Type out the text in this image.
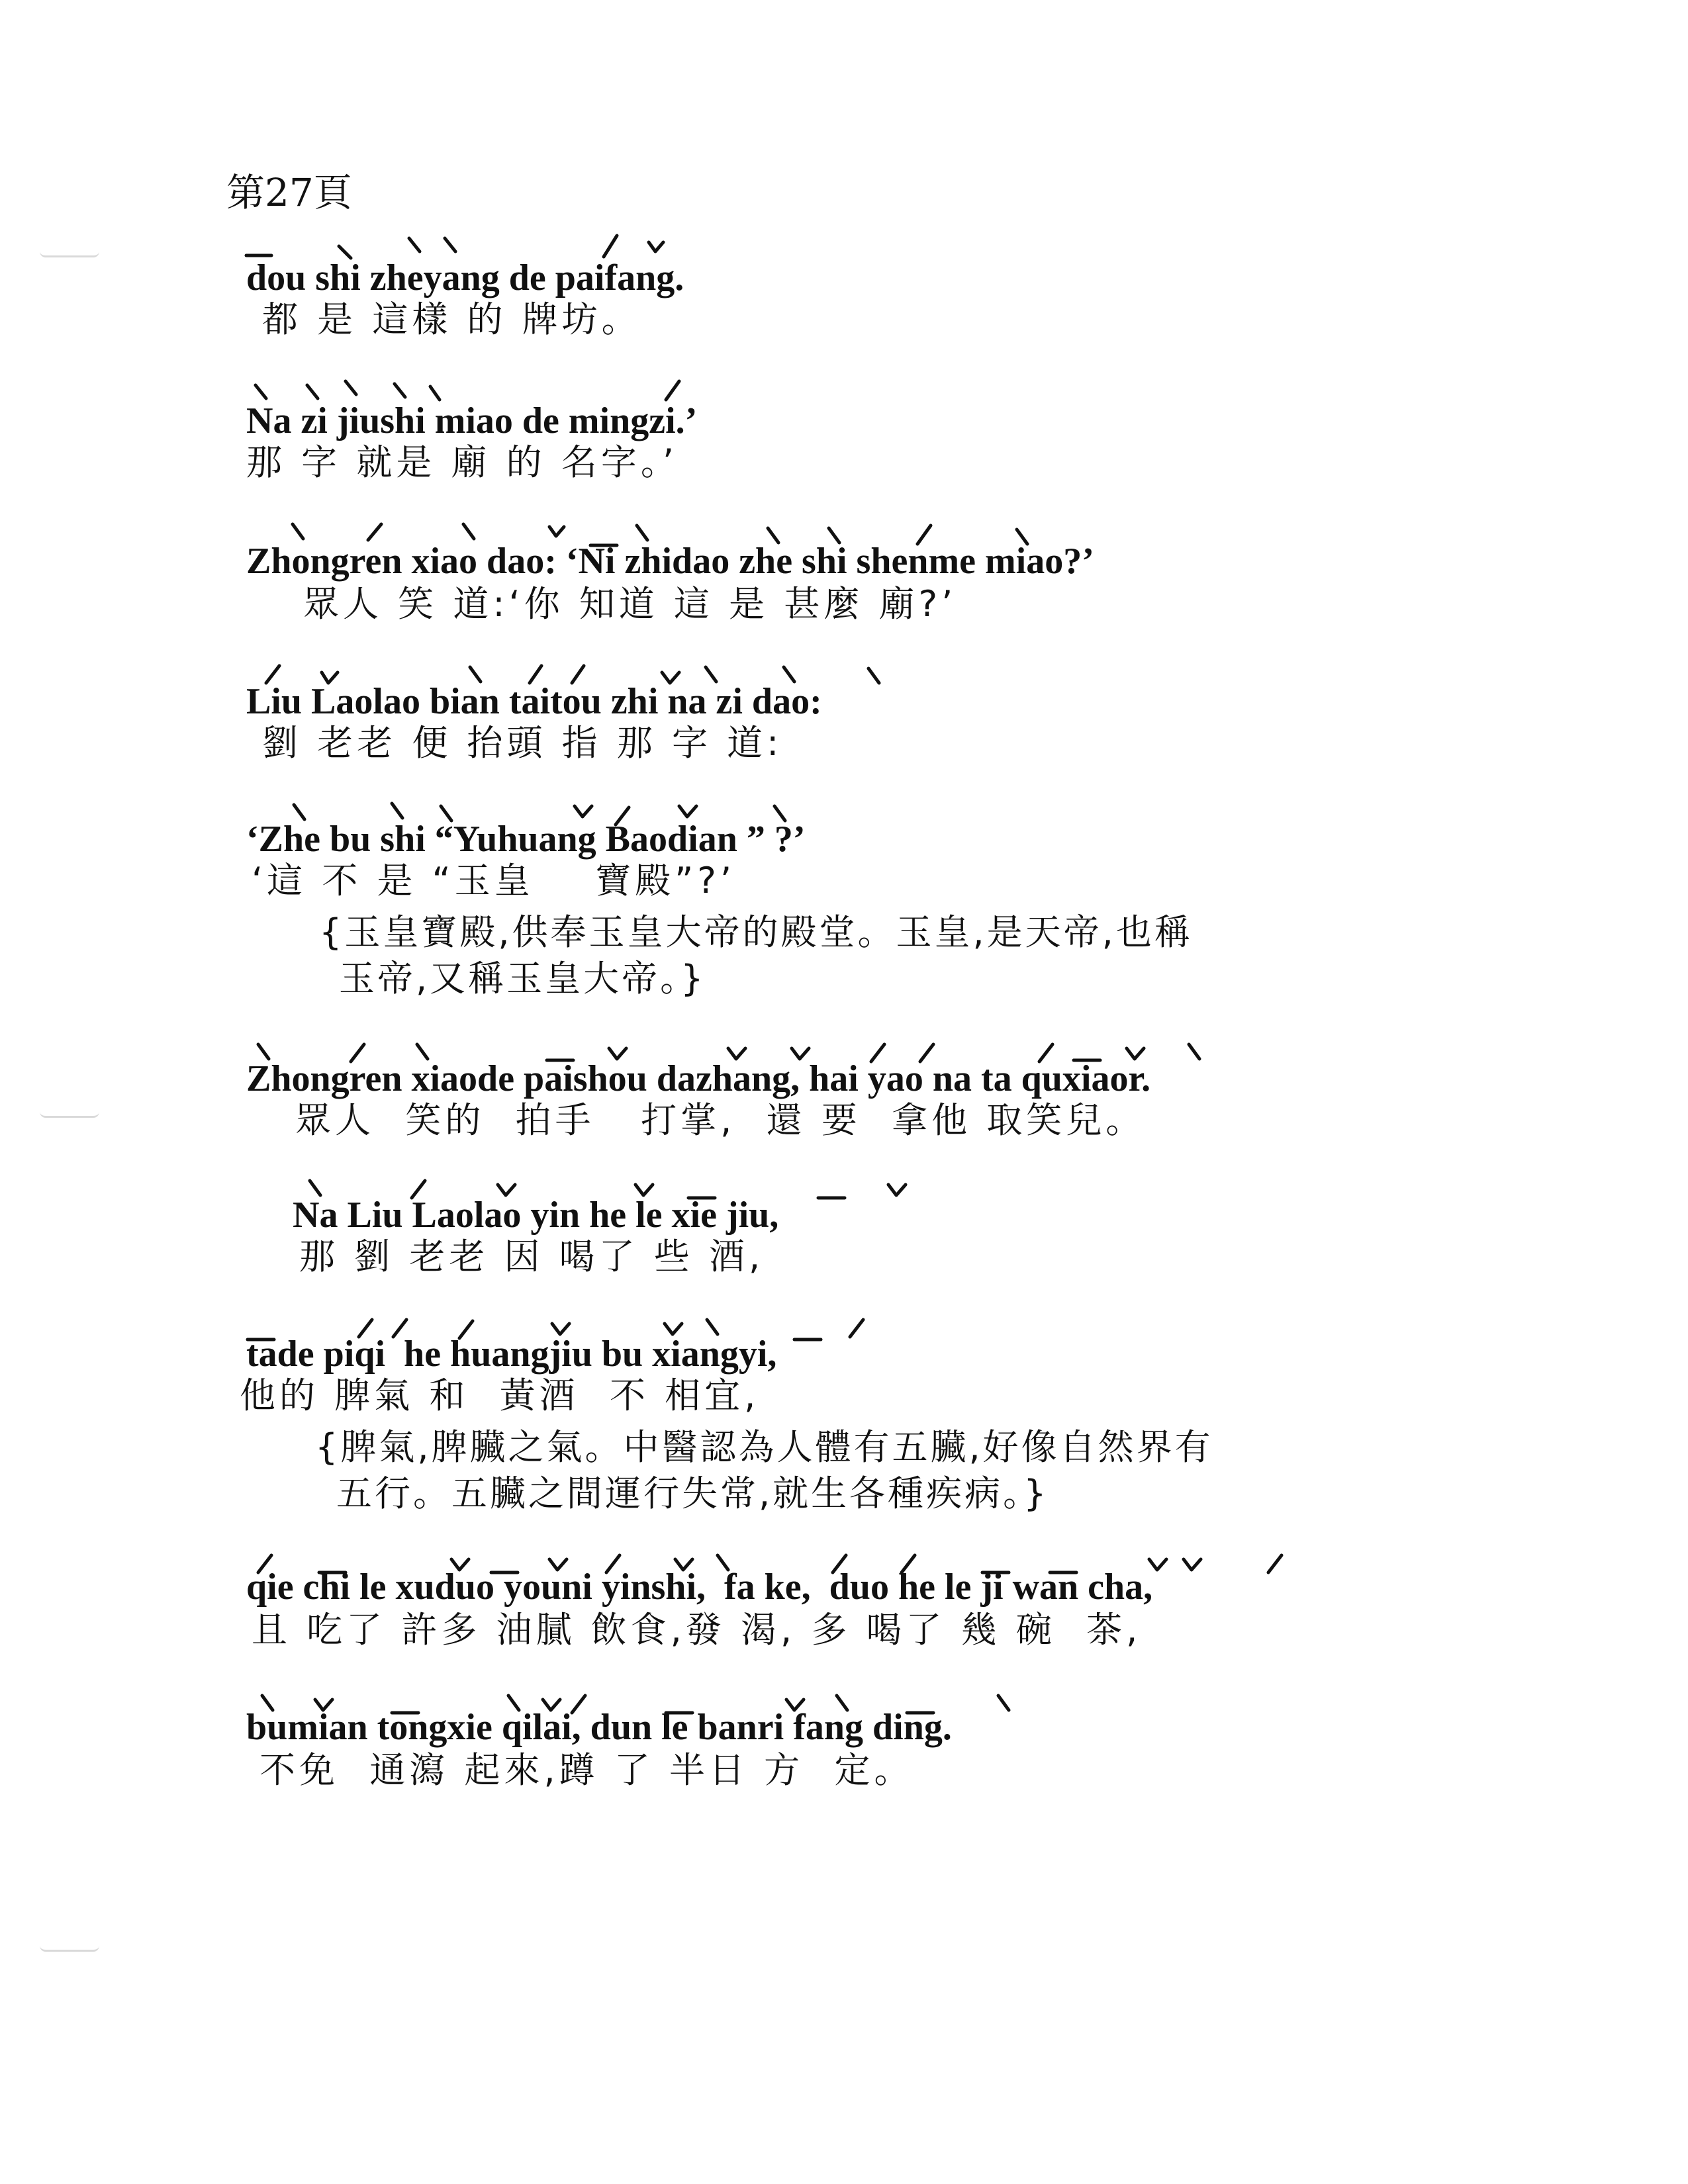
第27頁
dou shi zheyang de paifang.
都 是 這樣 的 牌坊。
Na zi jiushi miao de mingzi.’
那 字 就是 廟 的 名字。’
Zhongren xiao dao: ‘Ni zhidao zhe shi shenme miao?’
眾人 笑 道:‘你 知道 這 是 甚麼 廟?’
Liu Laolao bian taitou zhi na zi dao:
劉 老老 便 抬頭 指 那 字 道:
‘Zhe bu shi “Yuhuang Baodian ” ?’
‘這 不 是 “玉皇    寶殿”?’
{玉皇寶殿,供奉玉皇大帝的殿堂。玉皇,是天帝,也稱
玉帝,又稱玉皇大帝。}
Zhongren xiaode paishou dazhang, hai yao na ta quxiaor.
眾人  笑的  拍手   打掌,  還 要  拿他 取笑兒。
Na Liu Laolao yin he le xie jiu,
那 劉 老老 因 喝了 些 酒,
tade piqi  he huangjiu bu xiangyi,
他的 脾氣 和  黃酒  不 相宜,
{脾氣,脾臟之氣。中醫認為人體有五臟,好像自然界有
五行。五臟之間運行失常,就生各種疾病。}
qie chi le xuduo youni yinshi,  fa ke,  duo he le ji wan cha,
且 吃了 許多 油膩 飲食,發 渴, 多 喝了 幾 碗  茶,
bumian tongxie qilai, dun le banri fang ding.
不免  通瀉 起來,蹲 了 半日 方  定。
